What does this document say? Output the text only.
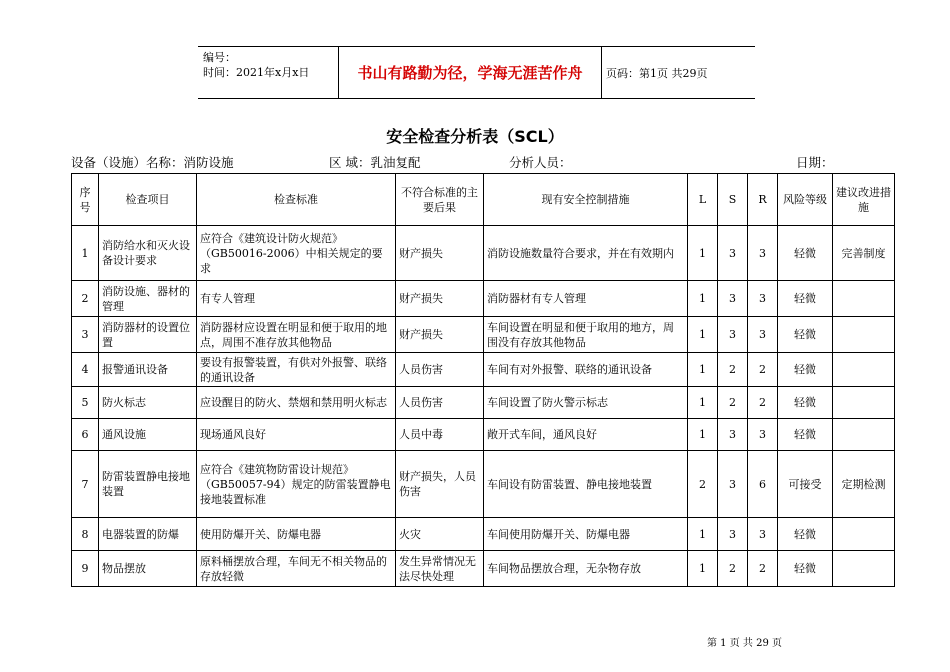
编号：
时间：2021年x月x日	书山有路勤为径，学海无涯苦作舟	页码：第1页 共29页
安全检查分析表（SCL）
设备（设施）名称：消防设施	区 域：乳油复配	分析人员：	日期：
序号	检查项目	检查标准	不符合标准的主要后果	现有安全控制措施	L	S	R	风险等级	建议改进措施
1	消防给水和灭火设备设计要求	应符合《建筑设计防火规范》（GB50016-2006）中相关规定的要求	财产损失	消防设施数量符合要求，并在有效期内	1	3	3	轻微	完善制度
2	消防设施、器材的管理	有专人管理	财产损失	消防器材有专人管理	1	3	3	轻微	
3	消防器材的设置位置	消防器材应设置在明显和便于取用的地点，周围不准存放其他物品	财产损失	车间设置在明显和便于取用的地方，周围没有存放其他物品	1	3	3	轻微	
4	报警通讯设备	要设有报警装置，有供对外报警、联络的通讯设备	人员伤害	车间有对外报警、联络的通讯设备	1	2	2	轻微	
5	防火标志	应设醒目的防火、禁烟和禁用明火标志	人员伤害	车间设置了防火警示标志	1	2	2	轻微	
6	通风设施	现场通风良好	人员中毒	敞开式车间，通风良好	1	3	3	轻微	
7	防雷装置静电接地装置	应符合《建筑物防雷设计规范》（GB50057-94）规定的防雷装置静电接地装置标准	财产损失，人员伤害	车间设有防雷装置、静电接地装置	2	3	6	可接受	定期检测
8	电器装置的防爆	使用防爆开关、防爆电器	火灾	车间使用防爆开关、防爆电器	1	3	3	轻微	
9	物品摆放	原料桶摆放合理，车间无不相关物品的存放轻微	发生异常情况无法尽快处理	车间物品摆放合理，无杂物存放	1	2	2	轻微	
第 1 页 共 29 页
